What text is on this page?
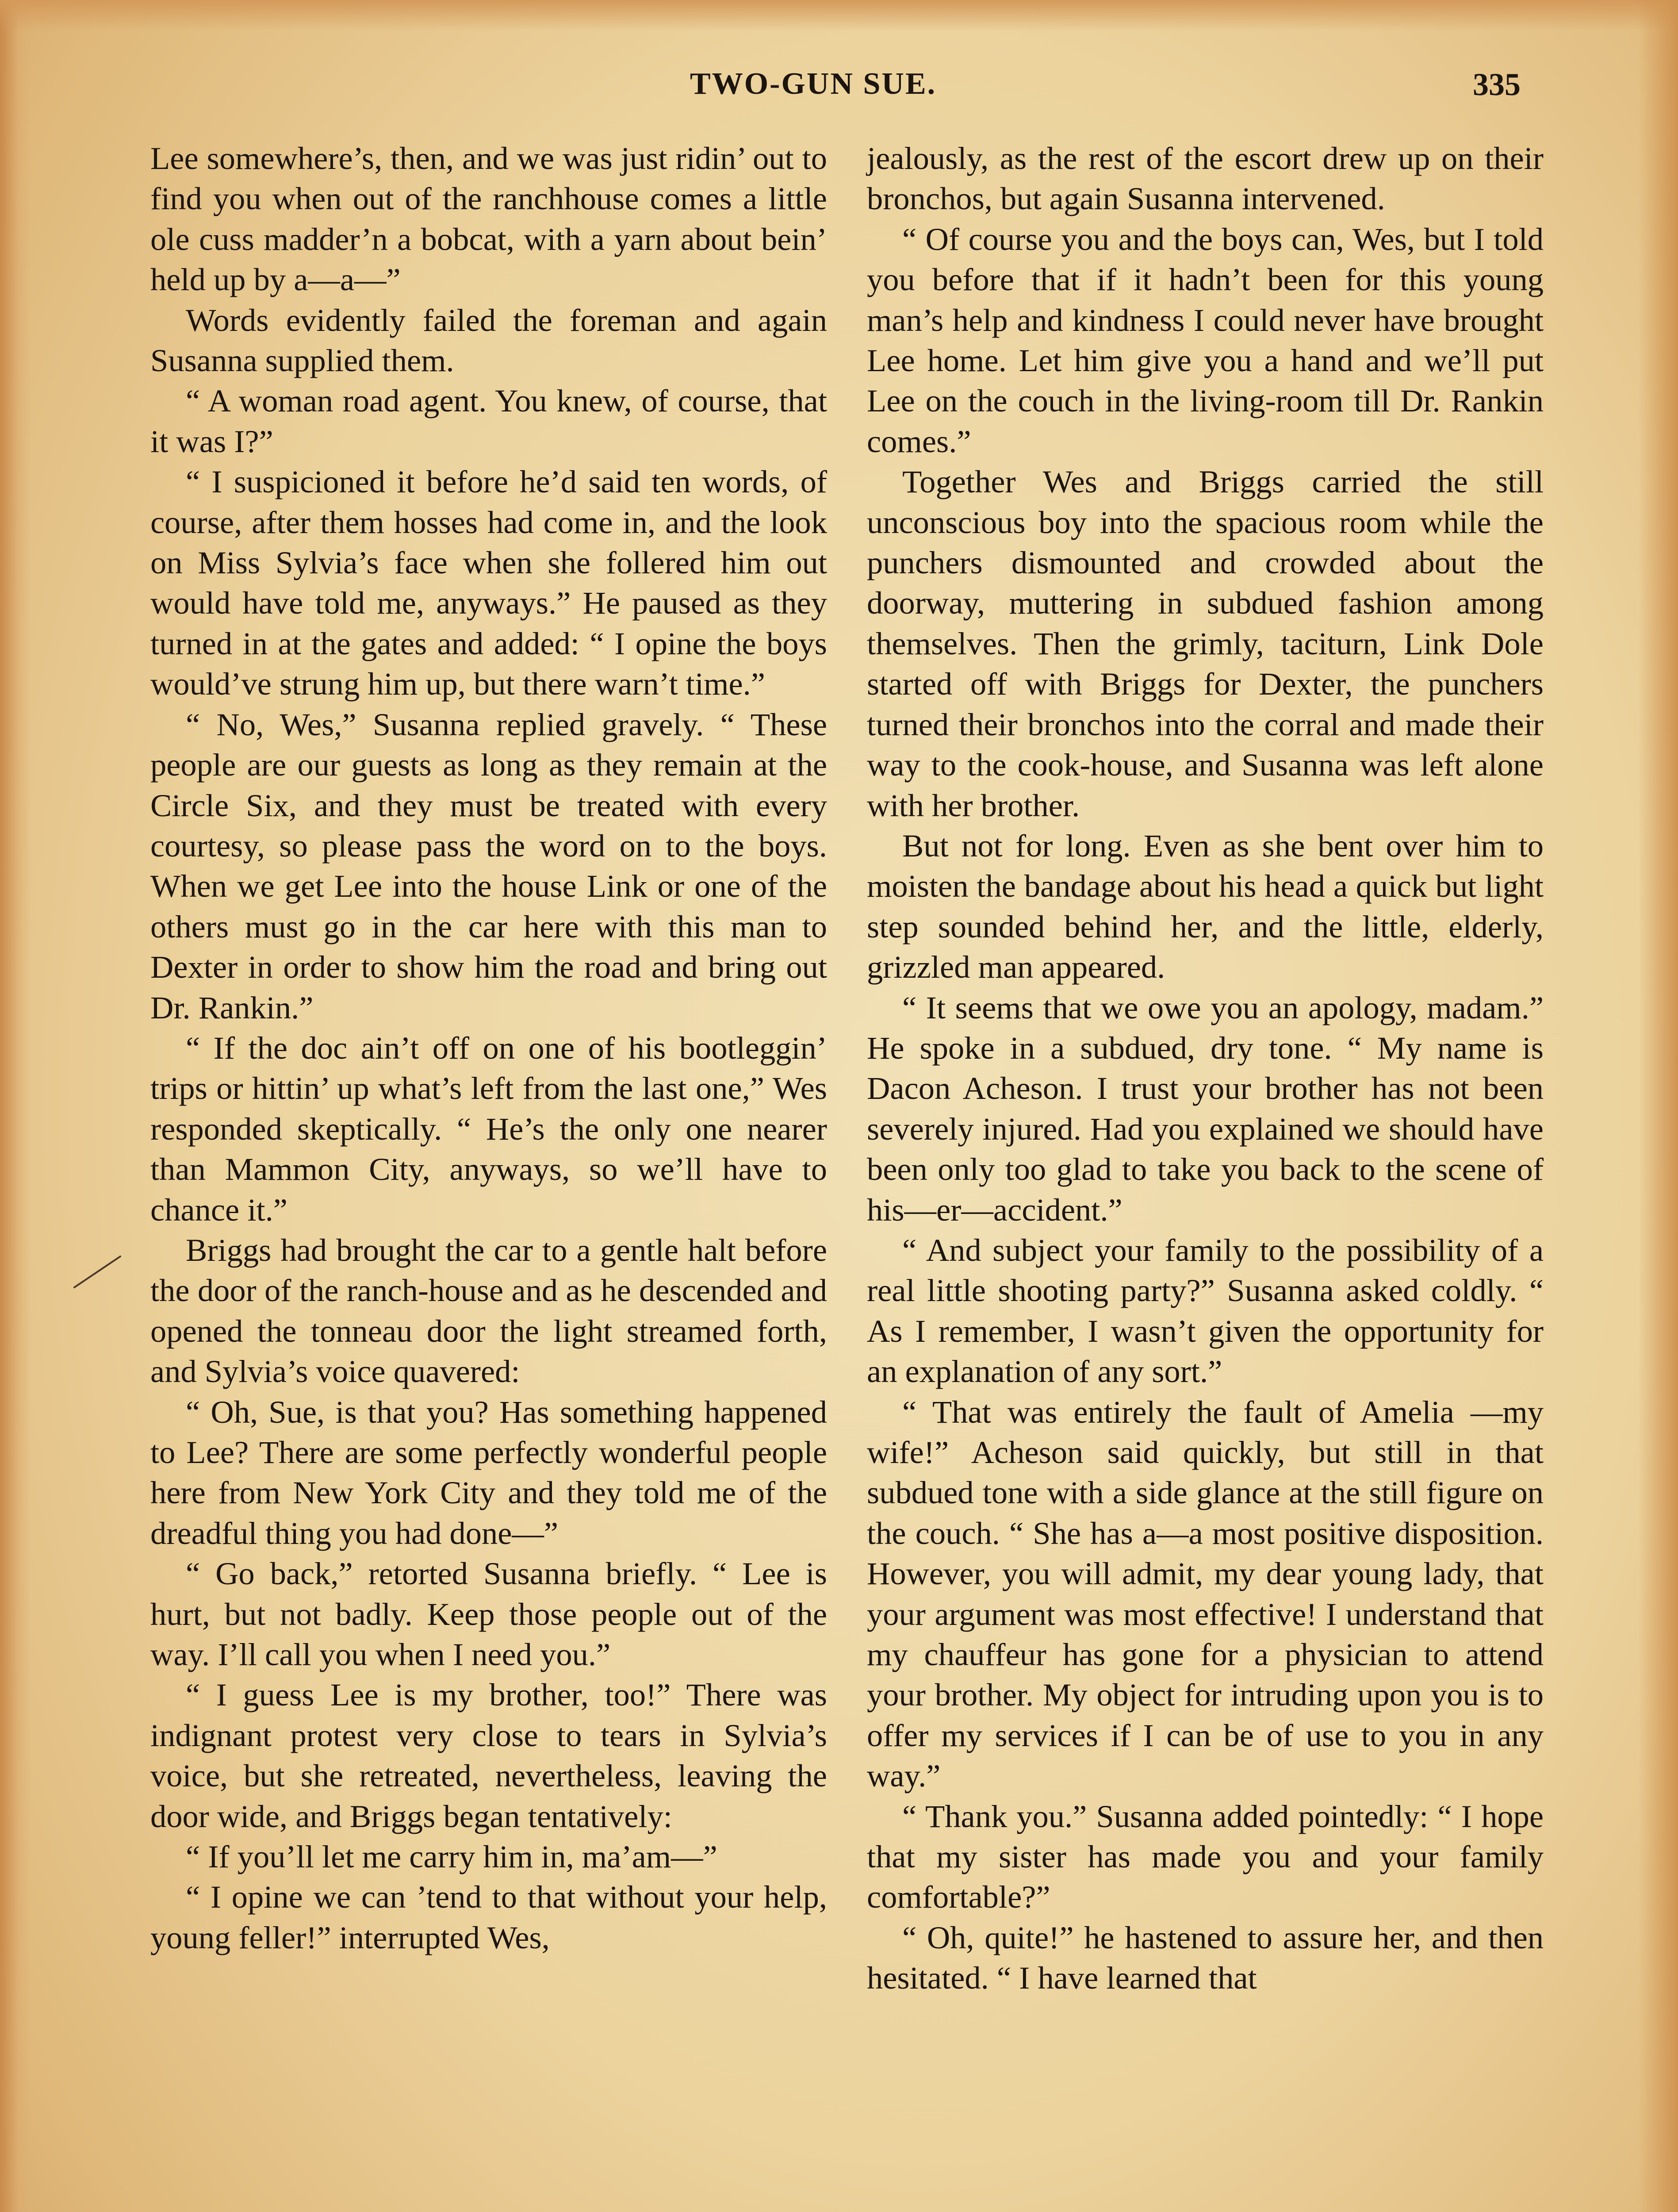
TWO-GUN SUE.	335

Lee somewhere’s, then, and we was just ridin’ out to find you when out of the ranchhouse comes a little ole cuss madder’n a bobcat, with a yarn about bein’ held up by a—a—”

Words evidently failed the foreman and again Susanna supplied them.

“ A woman road agent. You knew, of course, that it was I?”

“ I suspicioned it before he’d said ten words, of course, after them hosses had come in, and the look on Miss Sylvia’s face when she follered him out would have told me, anyways.” He paused as they turned in at the gates and added: “ I opine the boys would’ve strung him up, but there warn’t time.”

“ No, Wes,” Susanna replied gravely. “ These people are our guests as long as they remain at the Circle Six, and they must be treated with every courtesy, so please pass the word on to the boys. When we get Lee into the house Link or one of the others must go in the car here with this man to Dexter in order to show him the road and bring out Dr. Rankin.”

“ If the doc ain’t off on one of his bootleggin’ trips or hittin’ up what’s left from the last one,” Wes responded skeptically. “ He’s the only one nearer than Mammon City, anyways, so we’ll have to chance it.”

Briggs had brought the car to a gentle halt before the door of the ranch-house and as he descended and opened the tonneau door the light streamed forth, and Sylvia’s voice quavered:

“ Oh, Sue, is that you? Has something happened to Lee? There are some perfectly wonderful people here from New York City and they told me of the dreadful thing you had done—”

“ Go back,” retorted Susanna briefly. “ Lee is hurt, but not badly. Keep those people out of the way. I’ll call you when I need you.”

“ I guess Lee is my brother, too!” There was indignant protest very close to tears in Sylvia’s voice, but she retreated, nevertheless, leaving the door wide, and Briggs began tentatively:

“ If you’ll let me carry him in, ma’am—”

“ I opine we can ’tend to that without your help, young feller!” interrupted Wes,

jealously, as the rest of the escort drew up on their bronchos, but again Susanna intervened.

“ Of course you and the boys can, Wes, but I told you before that if it hadn’t been for this young man’s help and kindness I could never have brought Lee home. Let him give you a hand and we’ll put Lee on the couch in the living-room till Dr. Rankin comes.”

Together Wes and Briggs carried the still unconscious boy into the spacious room while the punchers dismounted and crowded about the doorway, muttering in subdued fashion among themselves. Then the grimly, taciturn, Link Dole started off with Briggs for Dexter, the punchers turned their bronchos into the corral and made their way to the cook-house, and Susanna was left alone with her brother.

But not for long. Even as she bent over him to moisten the bandage about his head a quick but light step sounded behind her, and the little, elderly, grizzled man appeared.

“ It seems that we owe you an apology, madam.” He spoke in a subdued, dry tone. “ My name is Dacon Acheson. I trust your brother has not been severely injured. Had you explained we should have been only too glad to take you back to the scene of his—er—accident.”

“ And subject your family to the possibility of a real little shooting party?” Susanna asked coldly. “ As I remember, I wasn’t given the opportunity for an explanation of any sort.”

“ That was entirely the fault of Amelia —my wife!” Acheson said quickly, but still in that subdued tone with a side glance at the still figure on the couch. “ She has a—a most positive disposition. However, you will admit, my dear young lady, that your argument was most effective! I understand that my chauffeur has gone for a physician to attend your brother. My object for intruding upon you is to offer my services if I can be of use to you in any way.”

“ Thank you.” Susanna added pointedly: “ I hope that my sister has made you and your family comfortable?”

“ Oh, quite!” he hastened to assure her, and then hesitated. “ I have learned that
